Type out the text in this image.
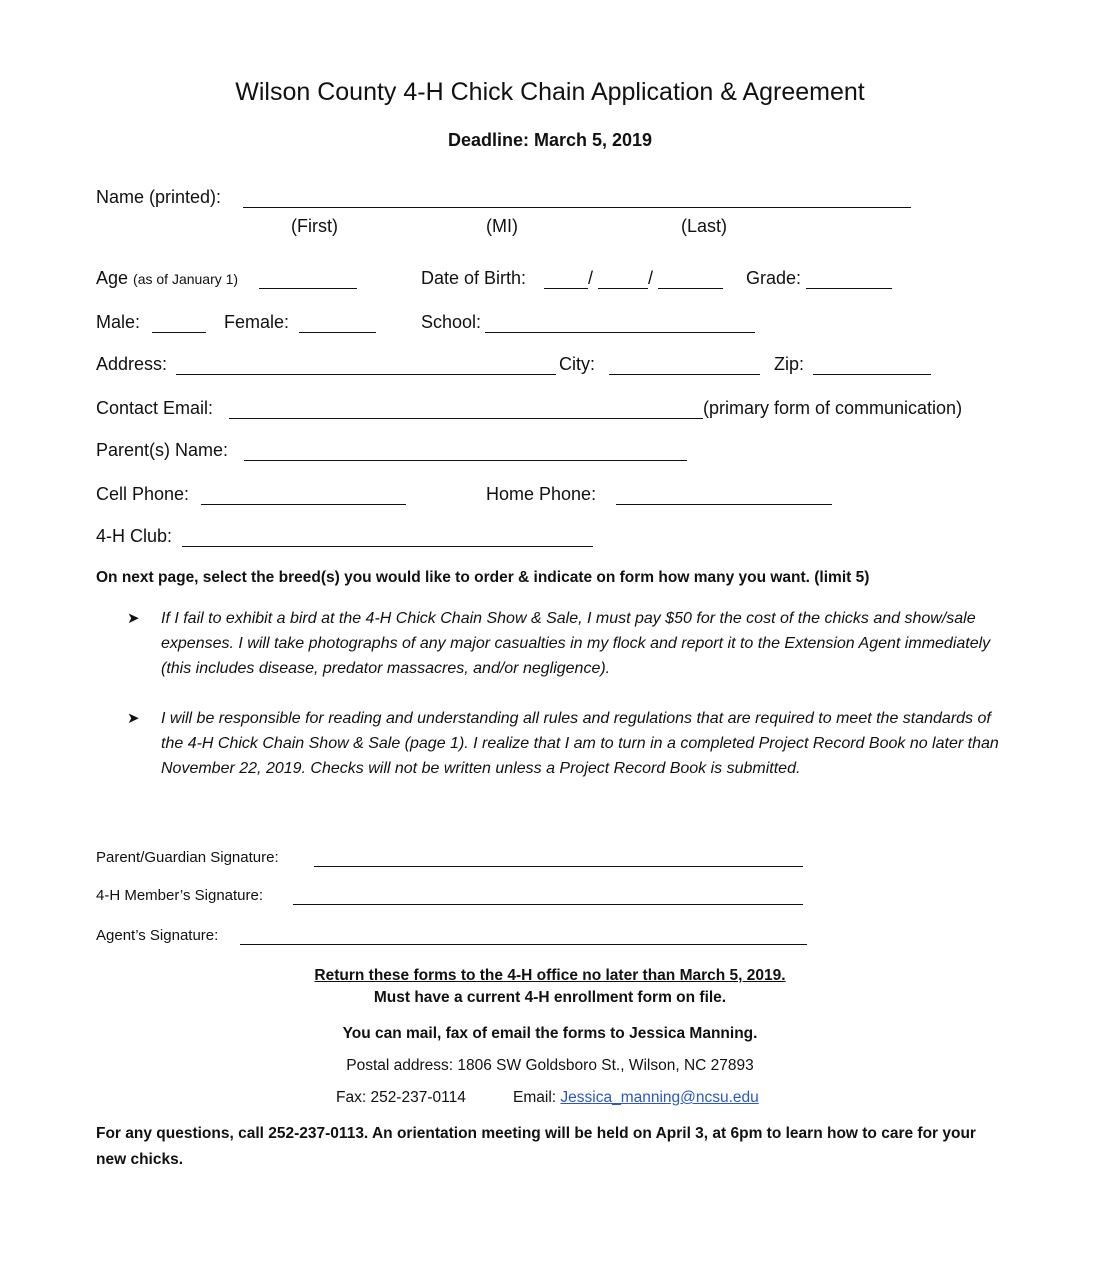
Wilson County 4-H Chick Chain Application & Agreement
Deadline: March 5, 2019
Name (printed):
(First)	(MI)	(Last)
Age (as of January 1)	Date of Birth:	/	/	Grade:
Male:	Female:	School:
Address:	City:	Zip:
Contact Email:	(primary form of communication)
Parent(s) Name:
Cell Phone:	Home Phone:
4-H Club:
On next page, select the breed(s) you would like to order & indicate on form how many you want. (limit 5)
➤ If I fail to exhibit a bird at the 4-H Chick Chain Show & Sale, I must pay $50 for the cost of the chicks and show/sale expenses. I will take photographs of any major casualties in my flock and report it to the Extension Agent immediately (this includes disease, predator massacres, and/or negligence).
➤ I will be responsible for reading and understanding all rules and regulations that are required to meet the standards of the 4-H Chick Chain Show & Sale (page 1). I realize that I am to turn in a completed Project Record Book no later than November 22, 2019. Checks will not be written unless a Project Record Book is submitted.
Parent/Guardian Signature:
4-H Member’s Signature:
Agent’s Signature:
Return these forms to the 4-H office no later than March 5, 2019.
Must have a current 4-H enrollment form on file.
You can mail, fax of email the forms to Jessica Manning.
Postal address: 1806 SW Goldsboro St., Wilson, NC 27893
Fax: 252-237-0114	Email: Jessica_manning@ncsu.edu
For any questions, call 252-237-0113. An orientation meeting will be held on April 3, at 6pm to learn how to care for your new chicks.
